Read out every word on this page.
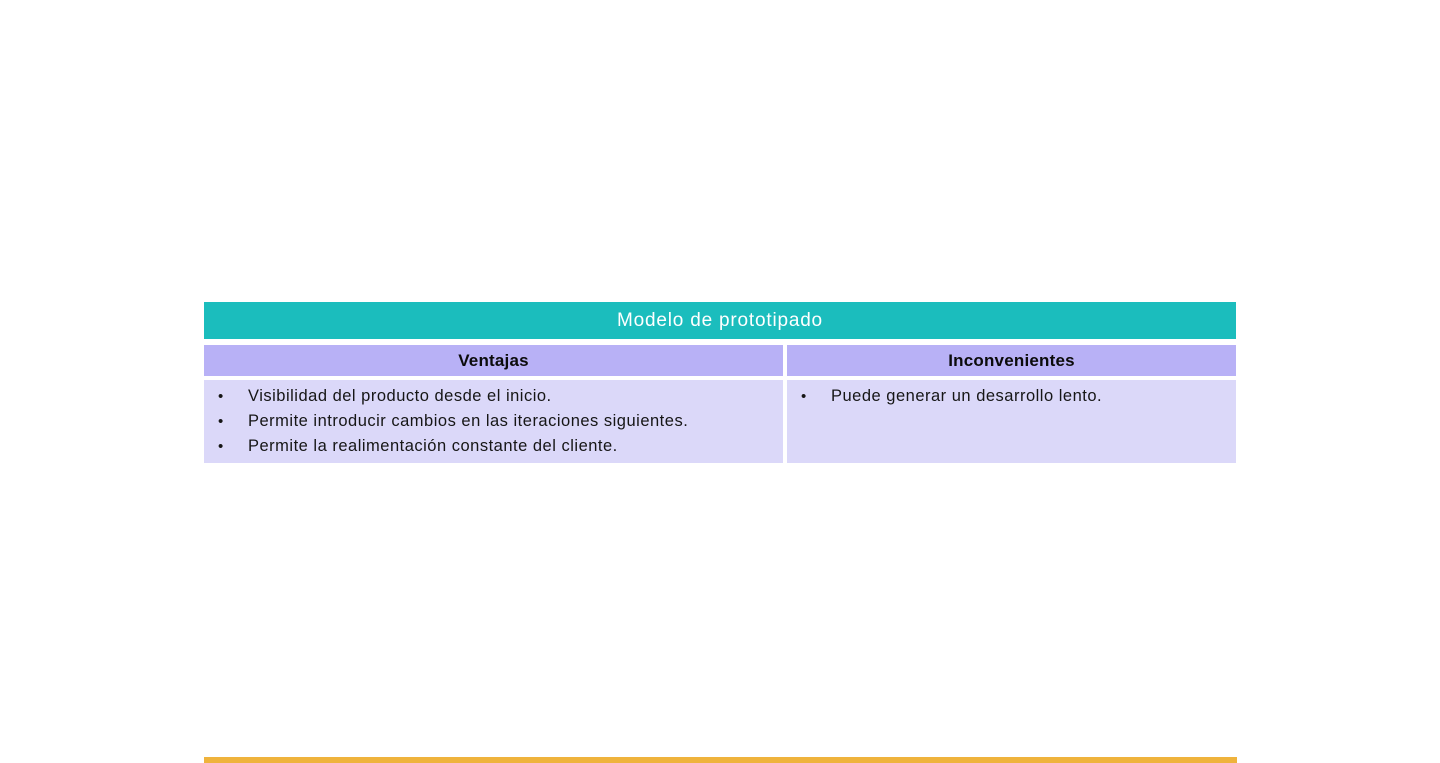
Modelo de prototipado
Ventajas	Inconvenientes
• Visibilidad del producto desde el inicio.
• Permite introducir cambios en las iteraciones siguientes.
• Permite la realimentación constante del cliente.
• Puede generar un desarrollo lento.
